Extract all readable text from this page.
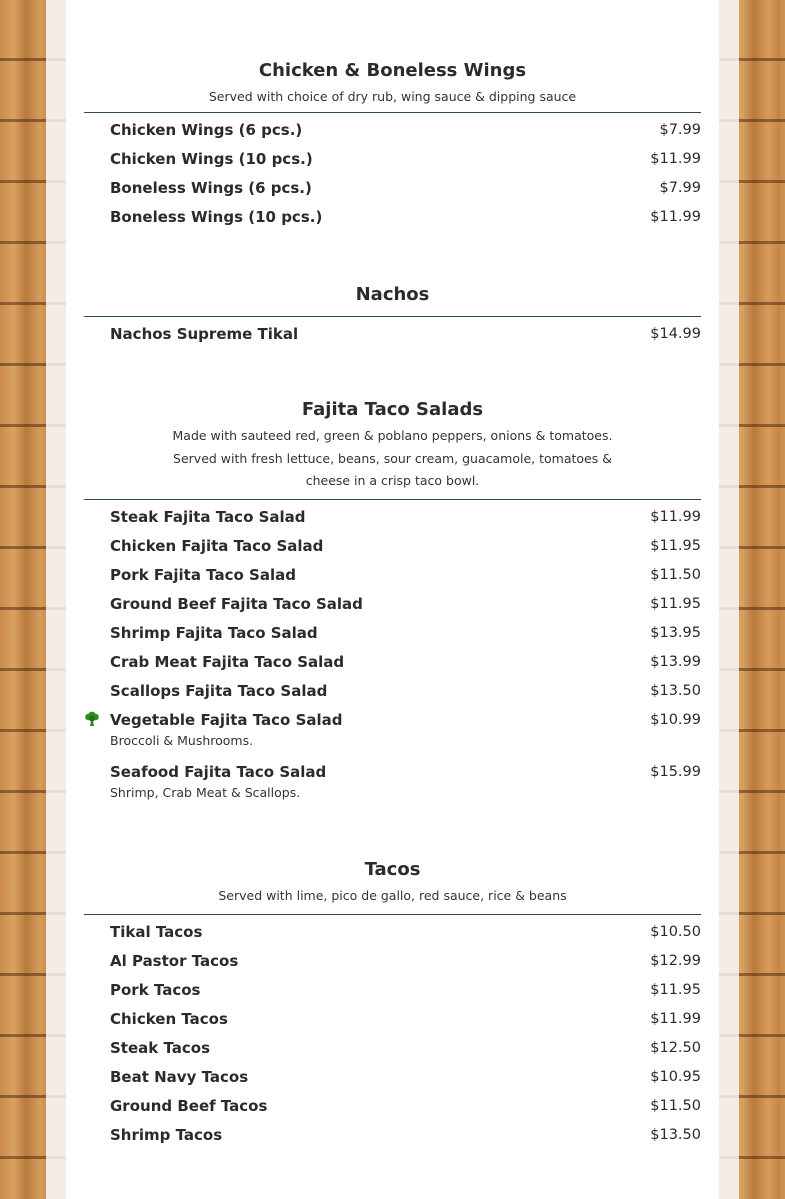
Chicken & Boneless Wings

Served with choice of dry rub, wing sauce & dipping sauce

Chicken Wings (6 pcs.)	$7.99
Chicken Wings (10 pcs.)	$11.99
Boneless Wings (6 pcs.)	$7.99
Boneless Wings (10 pcs.)	$11.99
Nachos
Nachos Supreme Tikal	$14.99
Fajita Taco Salads

Made with sauteed red, green & poblano peppers, onions & tomatoes. Served with fresh lettuce, beans, sour cream, guacamole, tomatoes & cheese in a crisp taco bowl.

Steak Fajita Taco Salad	$11.99
Chicken Fajita Taco Salad	$11.95
Pork Fajita Taco Salad	$11.50
Ground Beef Fajita Taco Salad	$11.95
Shrimp Fajita Taco Salad	$13.95
Crab Meat Fajita Taco Salad	$13.99
Scallops Fajita Taco Salad	$13.50
Vegetable Fajita Taco Salad	$10.99
Broccoli & Mushrooms.
Seafood Fajita Taco Salad	$15.99
Shrimp, Crab Meat & Scallops.
Tacos

Served with lime, pico de gallo, red sauce, rice & beans

Tikal Tacos	$10.50
Al Pastor Tacos	$12.99
Pork Tacos	$11.95
Chicken Tacos	$11.99
Steak Tacos	$12.50
Beat Navy Tacos	$10.95
Ground Beef Tacos	$11.50
Shrimp Tacos	$13.50
